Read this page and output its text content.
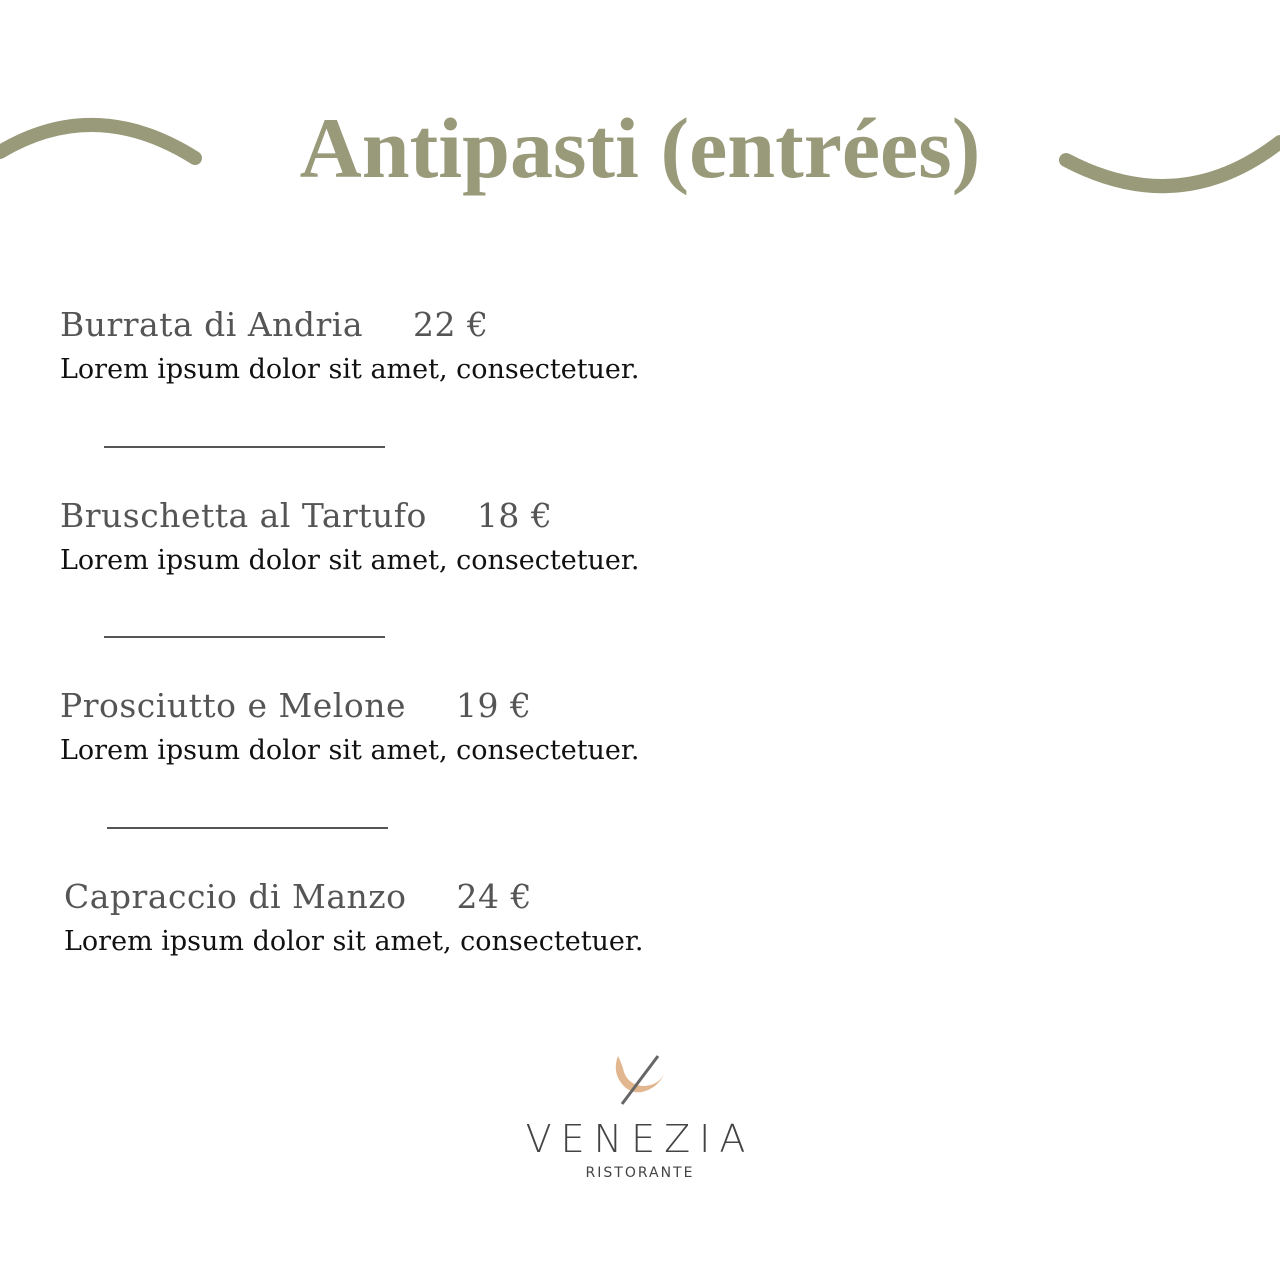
Antipasti (entrées)
Burrata di Andria 22 €
Lorem ipsum dolor sit amet, consectetuer.
Bruschetta al Tartufo 18 €
Lorem ipsum dolor sit amet, consectetuer.
Prosciutto e Melone 19 €
Lorem ipsum dolor sit amet, consectetuer.
Capraccio di Manzo 24 €
Lorem ipsum dolor sit amet, consectetuer.
VENEZIA
RISTORANTE
